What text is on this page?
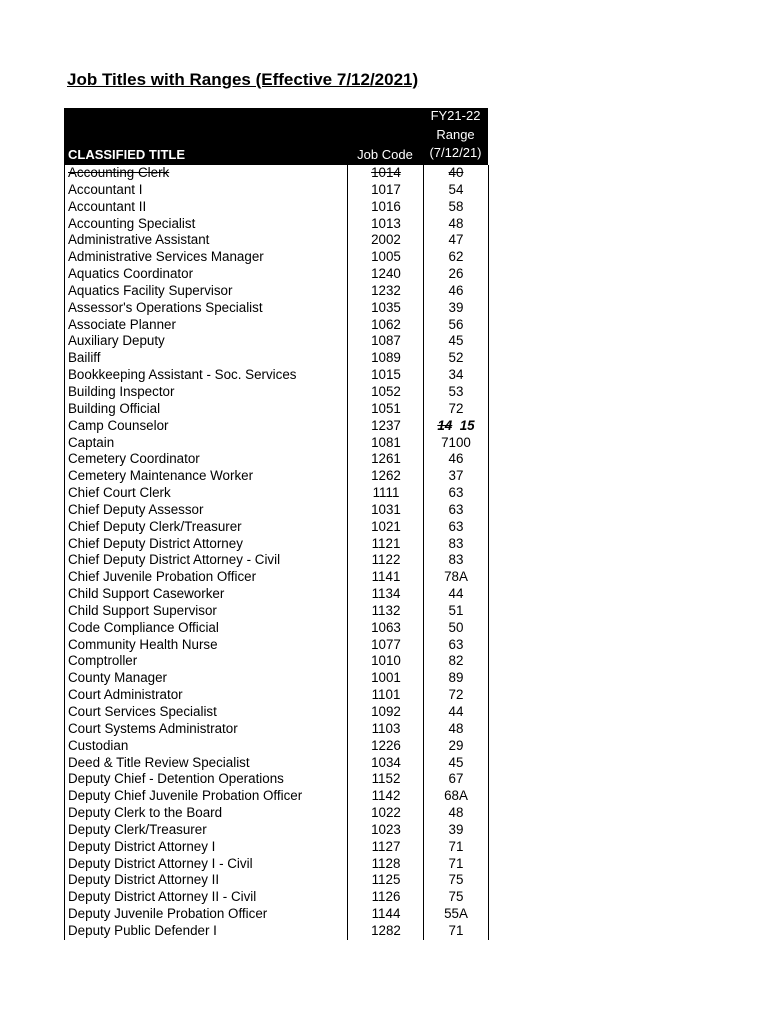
Job Titles with Ranges (Effective 7/12/2021)
CLASSIFIED TITLE	Job Code
FY21-22
Range
(7/12/21)
Accounting Clerk	1014	40
Accountant I	1017	54
Accountant II	1016	58
Accounting Specialist	1013	48
Administrative Assistant	2002	47
Administrative Services Manager	1005	62
Aquatics Coordinator	1240	26
Aquatics Facility Supervisor	1232	46
Assessor's Operations Specialist	1035	39
Associate Planner	1062	56
Auxiliary Deputy	1087	45
Bailiff	1089	52
Bookkeeping Assistant - Soc. Services	1015	34
Building Inspector	1052	53
Building Official	1051	72
Camp Counselor	1237	14 15
Captain	1081	7100
Cemetery Coordinator	1261	46
Cemetery Maintenance Worker	1262	37
Chief Court Clerk	1111	63
Chief Deputy Assessor	1031	63
Chief Deputy Clerk/Treasurer	1021	63
Chief Deputy District Attorney	1121	83
Chief Deputy District Attorney - Civil	1122	83
Chief Juvenile Probation Officer	1141	78A
Child Support Caseworker	1134	44
Child Support Supervisor	1132	51
Code Compliance Official	1063	50
Community Health Nurse	1077	63
Comptroller	1010	82
County Manager	1001	89
Court Administrator	1101	72
Court Services Specialist	1092	44
Court Systems Administrator	1103	48
Custodian	1226	29
Deed & Title Review Specialist	1034	45
Deputy Chief - Detention Operations	1152	67
Deputy Chief Juvenile Probation Officer	1142	68A
Deputy Clerk to the Board	1022	48
Deputy Clerk/Treasurer	1023	39
Deputy District Attorney I	1127	71
Deputy District Attorney I - Civil	1128	71
Deputy District Attorney II	1125	75
Deputy District Attorney II - Civil	1126	75
Deputy Juvenile Probation Officer	1144	55A
Deputy Public Defender I	1282	71
